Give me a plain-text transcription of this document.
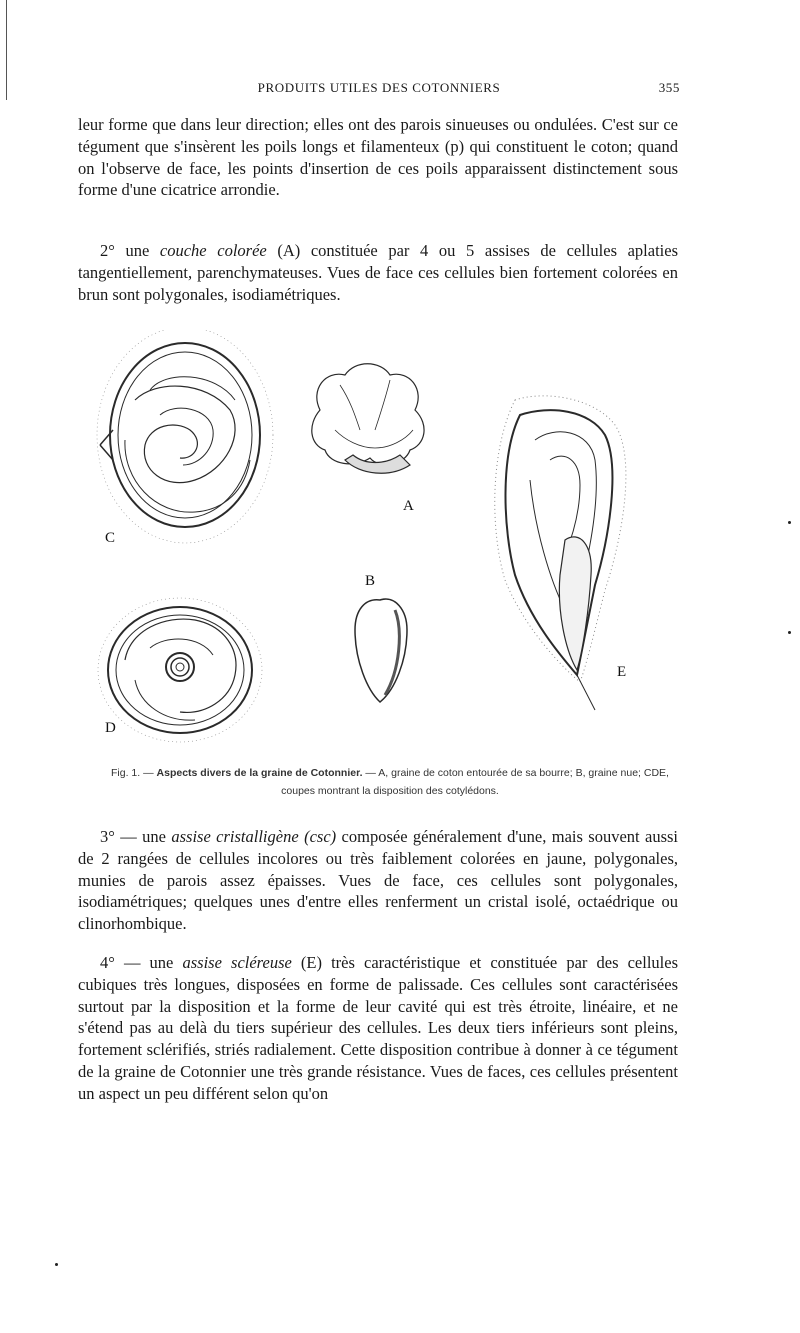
PRODUITS UTILES DES COTONNIERS	355

leur forme que dans leur direction; elles ont des parois sinueuses ou ondulées. C'est sur ce tégument que s'insèrent les poils longs et filamenteux (p) qui constituent le coton; quand on l'observe de face, les points d'insertion de ces poils apparaissent distinctement sous forme d'une cicatrice arrondie.

2° une couche colorée (A) constituée par 4 ou 5 assises de cellules aplaties tangentiellement, parenchymateuses. Vues de face ces cellules bien fortement colorées en brun sont polygonales, isodiamétriques.

C
D
A
B
E
Fig. 1. — Aspects divers de la graine de Cotonnier. — A, graine de coton entourée de sa bourre; B, graine nue; CDE, coupes montrant la disposition des cotylédons.

3° — une assise cristalligène (csc) composée généralement d'une, mais souvent aussi de 2 rangées de cellules incolores ou très faiblement colorées en jaune, polygonales, munies de parois assez épaisses. Vues de face, ces cellules sont polygonales, isodiamétriques; quelques unes d'entre elles renferment un cristal isolé, octaédrique ou clinorhombique.

4° — une assise scléreuse (E) très caractéristique et constituée par des cellules cubiques très longues, disposées en forme de palissade. Ces cellules sont caractérisées surtout par la disposition et la forme de leur cavité qui est très étroite, linéaire, et ne s'étend pas au delà du tiers supérieur des cellules. Les deux tiers inférieurs sont pleins, fortement sclérifiés, striés radialement. Cette disposition contribue à donner à ce tégument de la graine de Cotonnier une très grande résistance. Vues de faces, ces cellules présentent un aspect un peu différent selon qu'on
